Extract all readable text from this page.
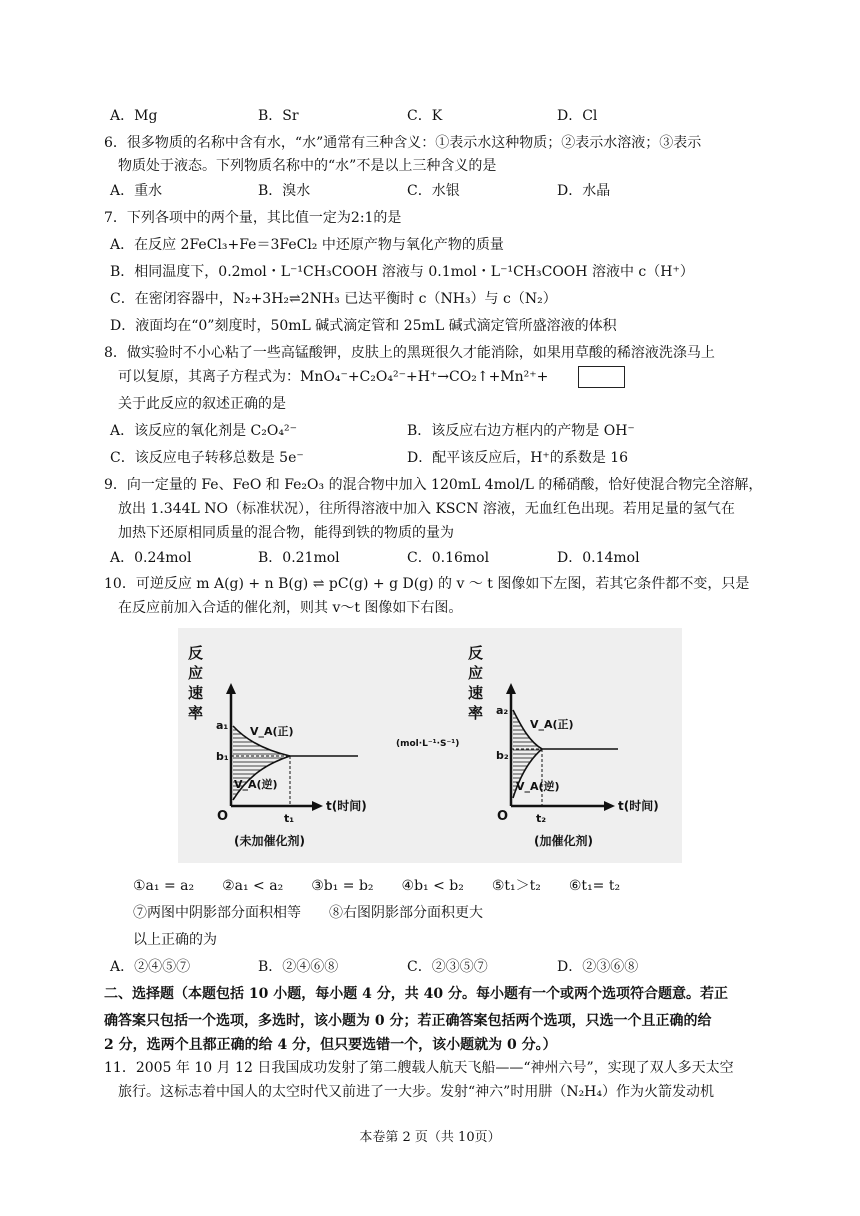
A．Mg	B．Sr	C．K	D．Cl
6．很多物质的名称中含有水，“水”通常有三种含义：①表示水这种物质；②表示水溶液；③表示
物质处于液态。下列物质名称中的“水”不是以上三种含义的是
A．重水	B．溴水	C．水银	D．水晶
7．下列各项中的两个量，其比值一定为2:1的是
A．在反应 2FeCl₃+Fe＝3FeCl₂ 中还原产物与氧化产物的质量
B．相同温度下，0.2mol・L⁻¹CH₃COOH 溶液与 0.1mol・L⁻¹CH₃COOH 溶液中 c（H⁺）
C．在密闭容器中，N₂+3H₂⇌2NH₃ 已达平衡时 c（NH₃）与 c（N₂）
D．液面均在“0”刻度时，50mL 碱式滴定管和 25mL 碱式滴定管所盛溶液的体积
8．做实验时不小心粘了一些高锰酸钾，皮肤上的黑斑很久才能消除，如果用草酸的稀溶液洗涤马上
可以复原，其离子方程式为：MnO₄⁻+C₂O₄²⁻+H⁺→CO₂↑+Mn²⁺+
关于此反应的叙述正确的是
A．该反应的氧化剂是 C₂O₄²⁻	B．该反应右边方框内的产物是 OH⁻
C．该反应电子转移总数是 5e⁻	D．配平该反应后，H⁺的系数是 16
9．向一定量的 Fe、FeO 和 Fe₂O₃ 的混合物中加入 120mL 4mol/L 的稀硝酸，恰好使混合物完全溶解，
放出 1.344L NO（标准状况），往所得溶液中加入 KSCN 溶液，无血红色出现。若用足量的氢气在
加热下还原相同质量的混合物，能得到铁的物质的量为
A．0.24mol	B．0.21mol	C．0.16mol	D．0.14mol
10．可逆反应 m A(g) + n B(g) ⇌ pC(g) + g D(g) 的 v ～ t 图像如下左图，若其它条件都不变，只是
在反应前加入合适的催化剂，则其 v～t 图像如下右图。
反
应
速
率
a₁
b₁
V_A(正)
V_A(逆)
O	t₁
t(时间)
(未加催化剂)
反
应
速
率
(mol·L⁻¹·S⁻¹)
a₂
b₂
V_A(正)
V_A(逆)
O	t₂
t(时间)
(加催化剂)
①a₁ = a₂　　②a₁ < a₂　　③b₁ = b₂　　④b₁ < b₂　　⑤t₁＞t₂　　⑥t₁= t₂
⑦两图中阴影部分面积相等　　⑧右图阴影部分面积更大
以上正确的为
A．②④⑤⑦	B．②④⑥⑧	C．②③⑤⑦	D．②③⑥⑧
二、选择题（本题包括 10 小题，每小题 4 分，共 40 分。每小题有一个或两个选项符合题意。若正
确答案只包括一个选项，多选时，该小题为 0 分；若正确答案包括两个选项，只选一个且正确的给
2 分，选两个且都正确的给 4 分，但只要选错一个，该小题就为 0 分。）
11．2005 年 10 月 12 日我国成功发射了第二艘载人航天飞船——“神州六号”，实现了双人多天太空
旅行。这标志着中国人的太空时代又前进了一大步。发射“神六”时用肼（N₂H₄）作为火箭发动机
本卷第 2 页（共 10页）
